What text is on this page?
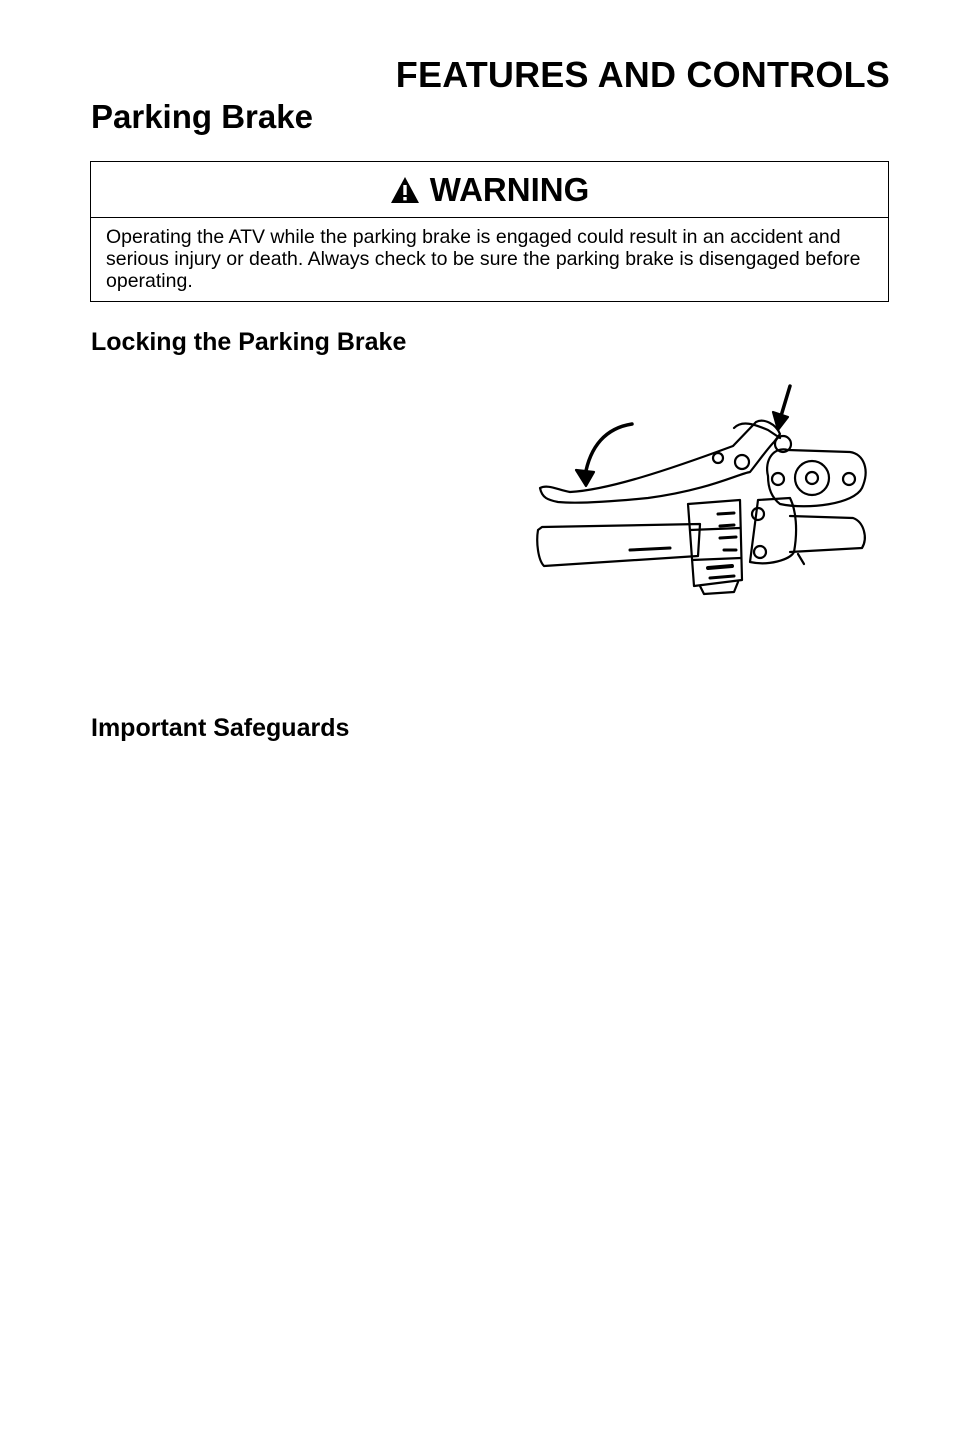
FEATURES AND CONTROLS
Parking Brake
WARNING

Operating the ATV while the parking brake is engaged could result in an accident and serious injury or death. Always check to be sure the parking brake is disengaged before operating.

Locking the Parking Brake
Important Safeguards
